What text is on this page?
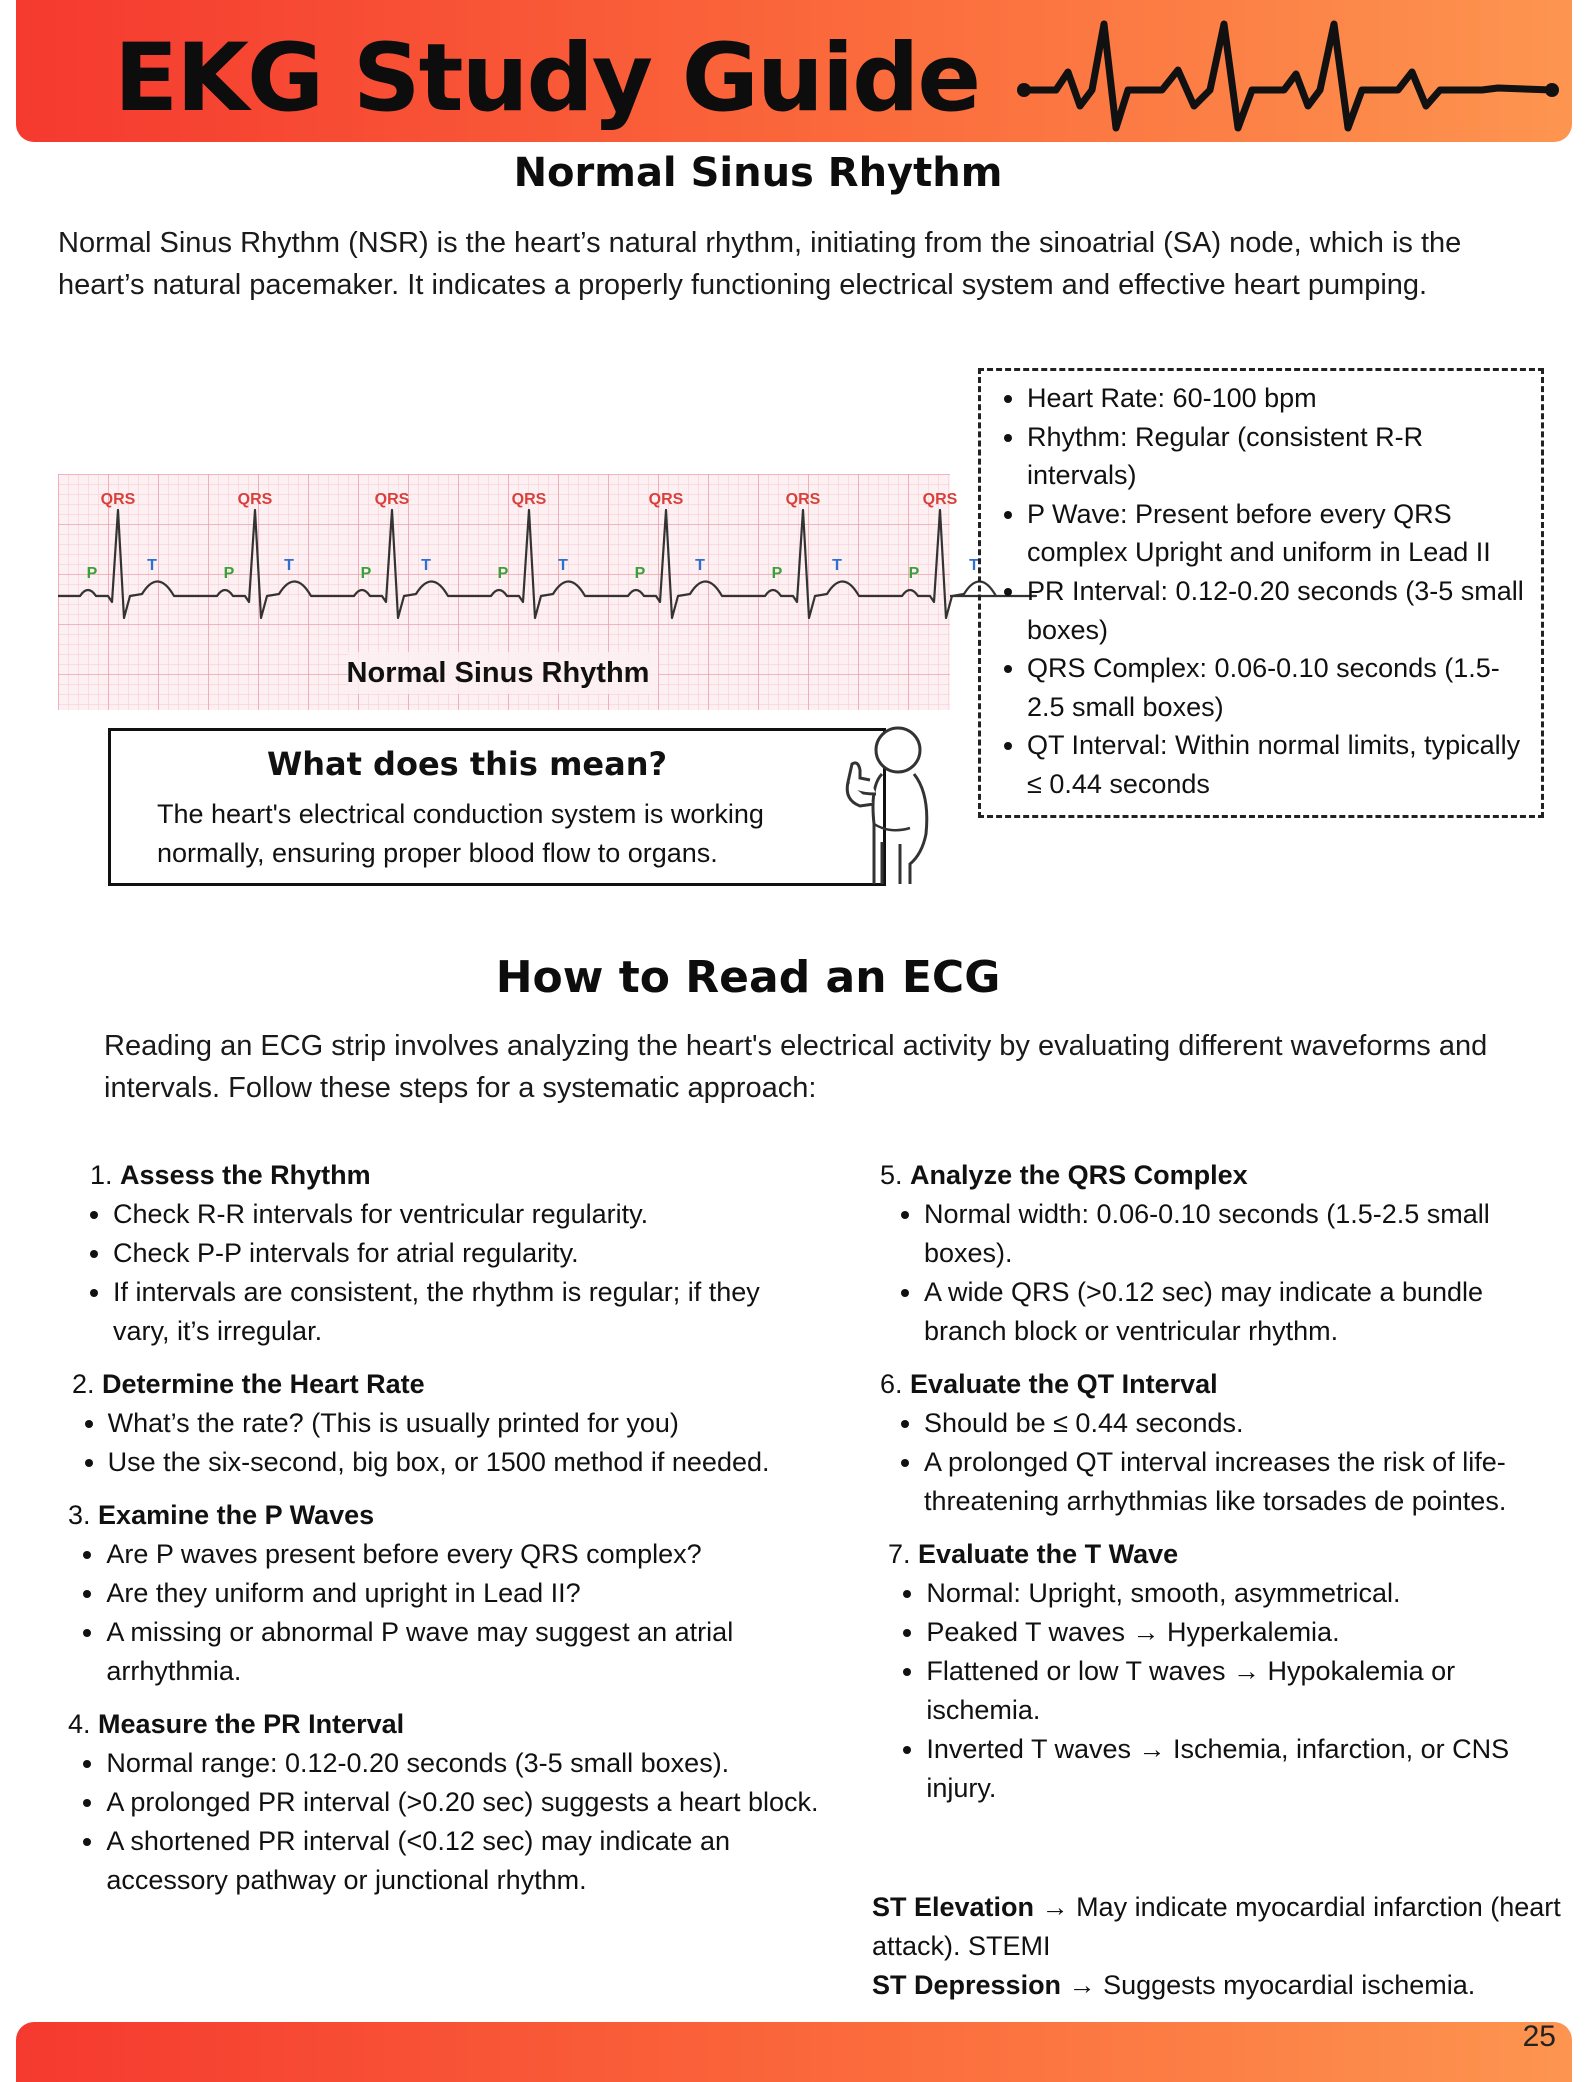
EKG Study Guide
Normal Sinus Rhythm

Normal Sinus Rhythm (NSR) is the heart’s natural rhythm, initiating from the sinoatrial (SA) node, which is the heart’s natural pacemaker. It indicates a properly functioning electrical system and effective heart pumping.

QRS
P	T
QRS
P	T
QRS
P	T
QRS
P	T
QRS
P	T
QRS
P	T
QRS
P	T
Normal Sinus Rhythm
• Heart Rate: 60-100 bpm
• Rhythm: Regular (consistent R-R intervals)
• P Wave: Present before every QRS complex Upright and uniform in Lead II
• PR Interval: 0.12-0.20 seconds (3-5 small boxes)
• QRS Complex: 0.06-0.10 seconds (1.5-2.5 small boxes)
• QT Interval: Within normal limits, typically ≤ 0.44 seconds
What does this mean?

The heart's electrical conduction system is working normally, ensuring proper blood flow to organs.

How to Read an ECG

Reading an ECG strip involves analyzing the heart's electrical activity by evaluating different waveforms and intervals. Follow these steps for a systematic approach:

1. Assess the Rhythm
• Check R-R intervals for ventricular regularity.
• Check P-P intervals for atrial regularity.
• If intervals are consistent, the rhythm is regular; if they vary, it’s irregular.
2. Determine the Heart Rate
• What’s the rate? (This is usually printed for you)
• Use the six-second, big box, or 1500 method if needed.
3. Examine the P Waves
• Are P waves present before every QRS complex?
• Are they uniform and upright in Lead II?
• A missing or abnormal P wave may suggest an atrial arrhythmia.
4. Measure the PR Interval
• Normal range: 0.12-0.20 seconds (3-5 small boxes).
• A prolonged PR interval (>0.20 sec) suggests a heart block.
• A shortened PR interval (<0.12 sec) may indicate an accessory pathway or junctional rhythm.
5. Analyze the QRS Complex
• Normal width: 0.06-0.10 seconds (1.5-2.5 small boxes).
• A wide QRS (>0.12 sec) may indicate a bundle branch block or ventricular rhythm.
6. Evaluate the QT Interval
• Should be ≤ 0.44 seconds.
• A prolonged QT interval increases the risk of life-threatening arrhythmias like torsades de pointes.
7. Evaluate the T Wave
• Normal: Upright, smooth, asymmetrical.
• Peaked T waves → Hyperkalemia.
• Flattened or low T waves → Hypokalemia or ischemia.
• Inverted T waves → Ischemia, infarction, or CNS injury.
ST Elevation → May indicate myocardial infarction (heart attack). STEMI
ST Depression → Suggests myocardial ischemia.
25
